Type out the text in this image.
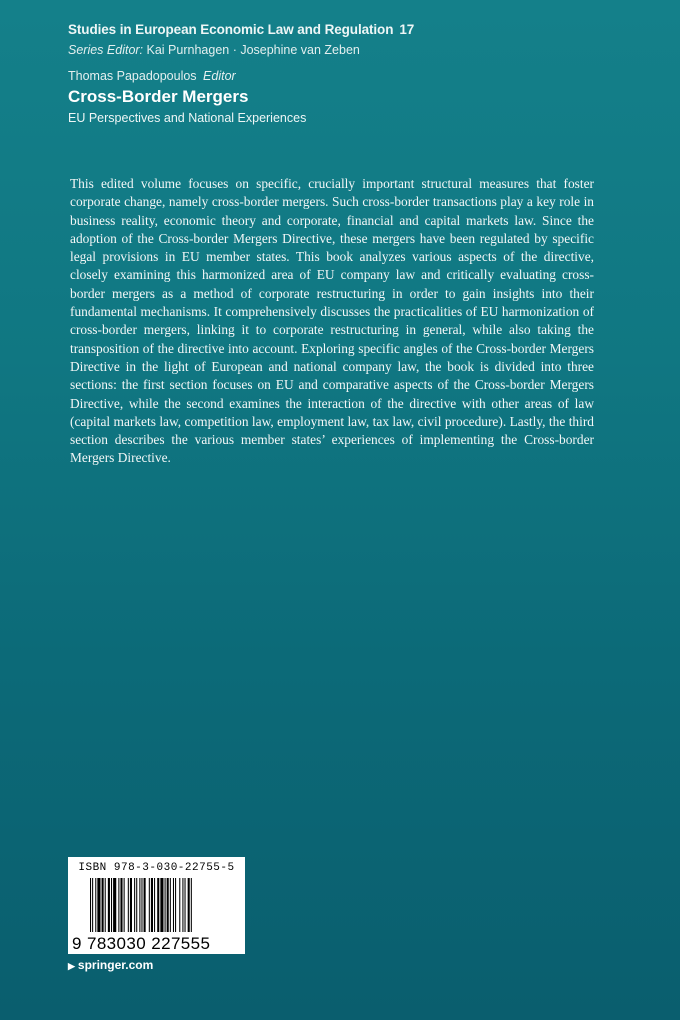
Studies in European Economic Law and Regulation 17
Series Editor: Kai Purnhagen · Josephine van Zeben
Thomas Papadopoulos Editor
Cross-Border Mergers
EU Perspectives and National Experiences

This edited volume focuses on specific, crucially important structural measures that foster corporate change, namely cross-border mergers. Such cross-border transactions play a key role in business reality, economic theory and corporate, financial and capital markets law. Since the adoption of the Cross-border Mergers Directive, these mergers have been regulated by specific legal provisions in EU member states. This book analyzes various aspects of the directive, closely examining this harmonized area of EU company law and critically evaluating cross-border mergers as a method of corporate restructuring in order to gain insights into their fundamental mechanisms. It comprehensively discusses the practicalities of EU harmonization of cross-border mergers, linking it to corporate restructuring in general, while also taking the transposition of the directive into account. Exploring specific angles of the Cross-border Mergers Directive in the light of European and national company law, the book is divided into three sections: the first section focuses on EU and comparative aspects of the Cross-border Mergers Directive, while the second examines the interaction of the directive with other areas of law (capital markets law, competition law, employment law, tax law, civil procedure). Lastly, the third section describes the various member states’ experiences of implementing the Cross-border Mergers Directive.

ISBN 978-3-030-22755-5
9 783030 227555
▶ springer.com
